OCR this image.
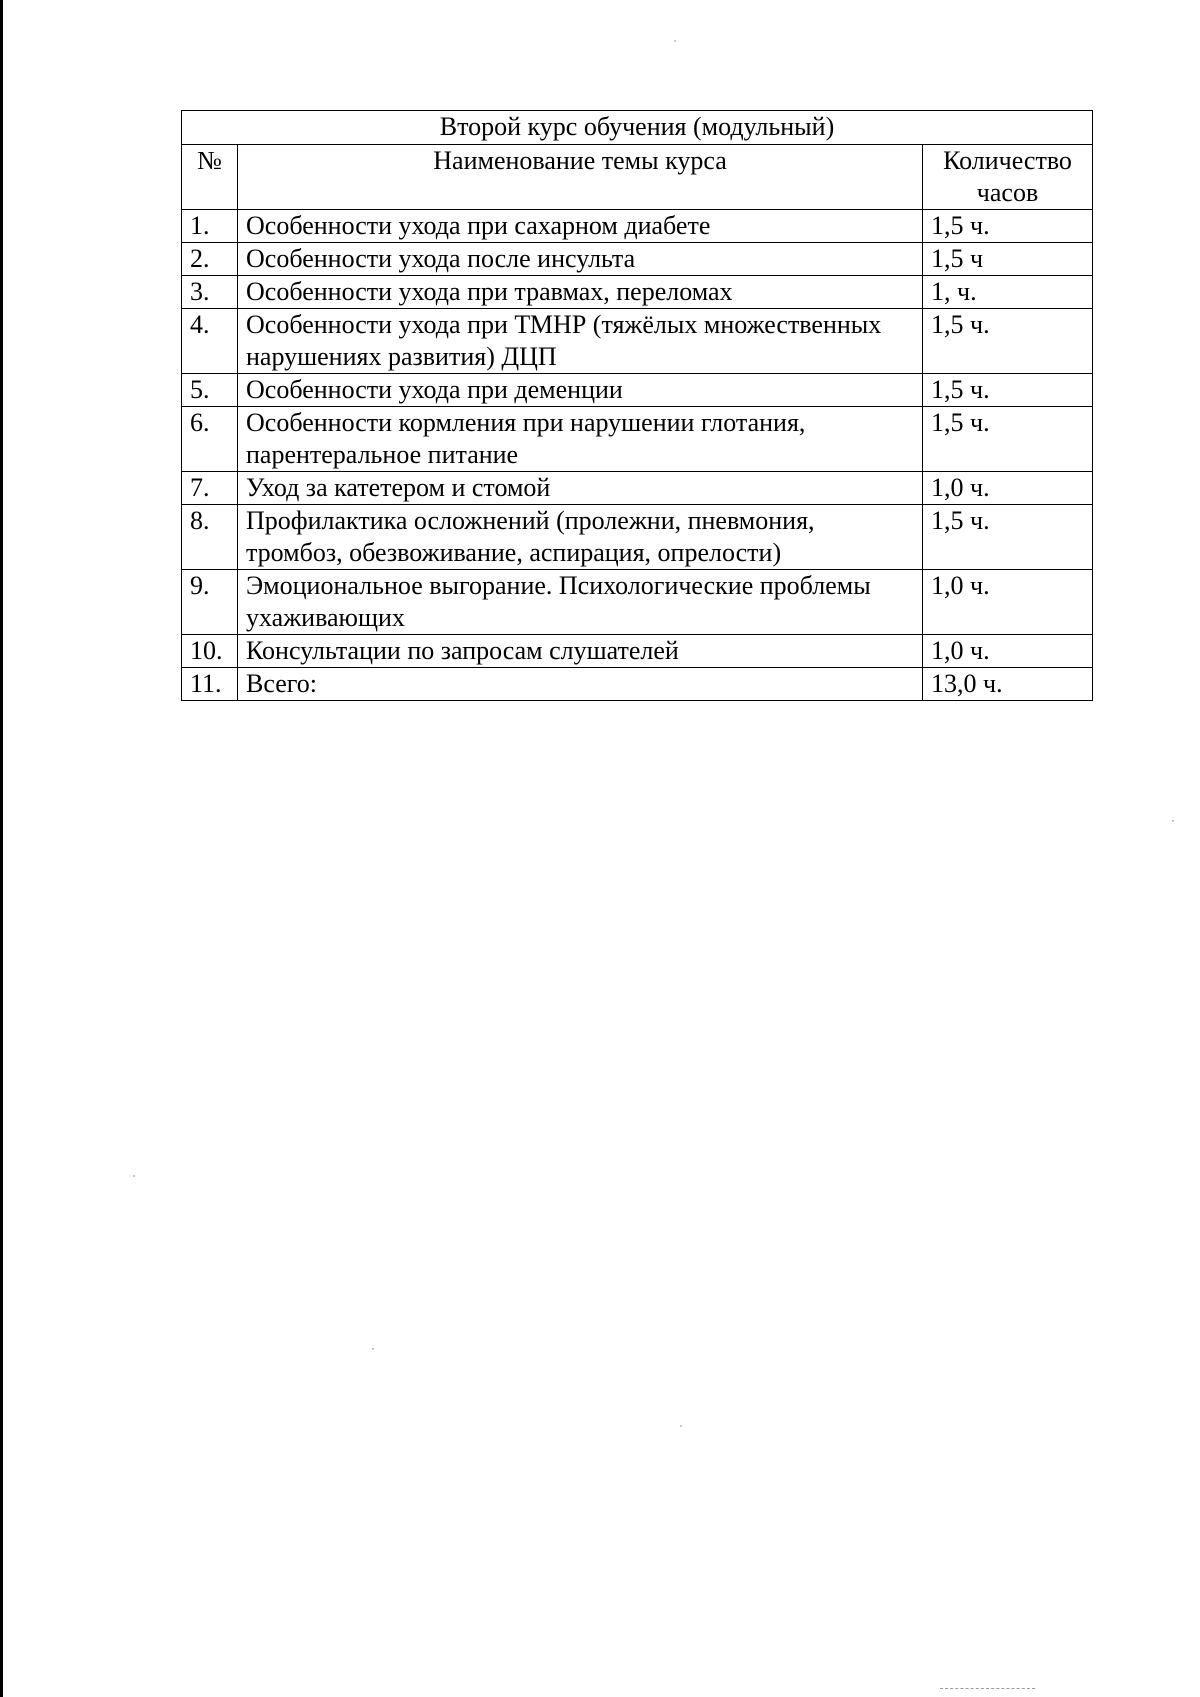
Второй курс обучения (модульный)		
№	Наименование темы курса	Количество часов
1.	Особенности ухода при сахарном диабете	1,5 ч.
2.	Особенности ухода после инсульта	1,5 ч
3.	Особенности ухода при травмах, переломах	1, ч.
4.	Особенности ухода при ТМНР (тяжёлых множественных нарушениях развития) ДЦП	1,5 ч.
5.	Особенности ухода при деменции	1,5 ч.
6.	Особенности кормления при нарушении глотания, парентеральное питание	1,5 ч.
7.	Уход за катетером и стомой	1,0 ч.
8.	Профилактика осложнений (пролежни, пневмония, тромбоз, обезвоживание, аспирация, опрелости)	1,5 ч.
9.	Эмоциональное выгорание. Психологические проблемы ухаживающих	1,0 ч.
10.	Консультации по запросам слушателей	1,0 ч.
11.	Всего:	13,0 ч.
